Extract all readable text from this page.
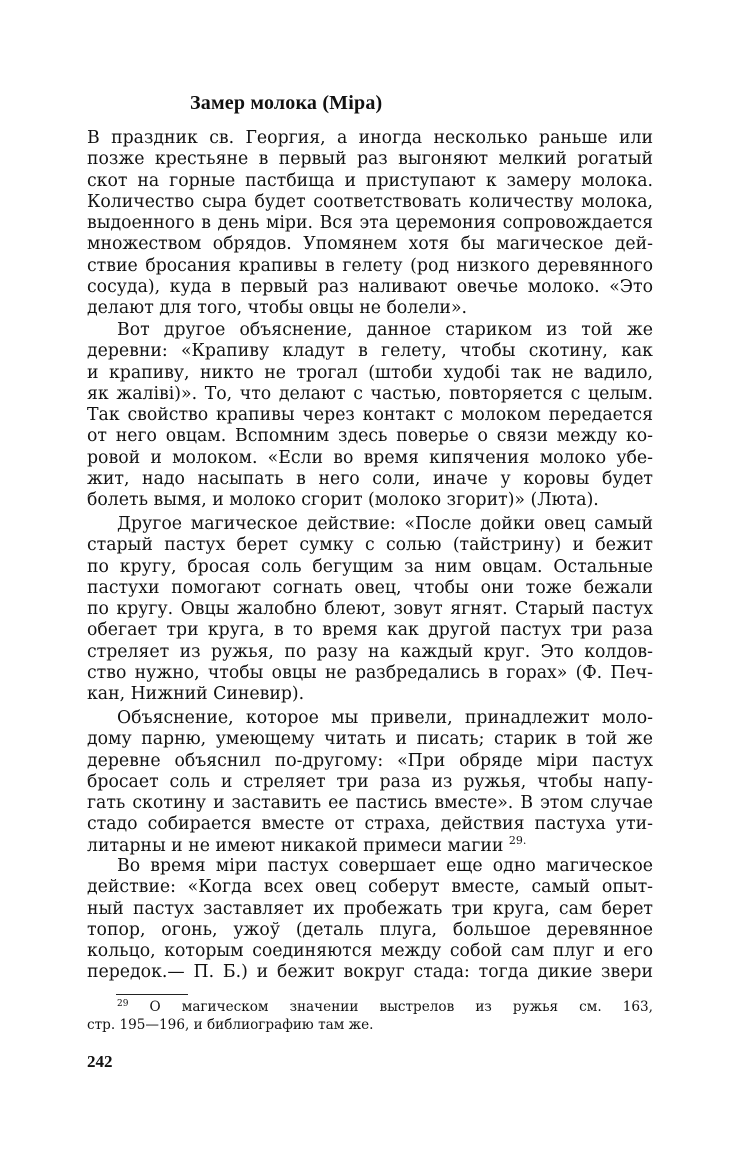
Замер молока (Міра)
В праздник св. Георгия, а иногда несколько раньше или
позже крестьяне в первый раз выгоняют мелкий рогатый
скот на горные пастбища и приступают к замеру молока.
Количество сыра будет соответствовать количеству молока,
выдоенного в день міри. Вся эта церемония сопровождается
множеством обрядов. Упомянем хотя бы магическое дей-
ствие бросания крапивы в гелету (род низкого деревянного
сосуда), куда в первый раз наливают овечье молоко. «Это
делают для того, чтобы овцы не болели».
Вот другое объяснение, данное стариком из той же
деревни: «Крапиву кладут в гелету, чтобы скотину, как
и крапиву, никто не трогал (штоби худобі так не вадило,
як жаліві)». То, что делают с частью, повторяется с целым.
Так свойство крапивы через контакт с молоком передается
от него овцам. Вспомним здесь поверье о связи между ко-
ровой и молоком. «Если во время кипячения молоко убе-
жит, надо насыпать в него соли, иначе у коровы будет
болеть вымя, и молоко сгорит (молоко згорит)» (Люта).
Другое магическое действие: «После дойки овец самый
старый пастух берет сумку с солью (тайстрину) и бежит
по кругу, бросая соль бегущим за ним овцам. Остальные
пастухи помогают согнать овец, чтобы они тоже бежали
по кругу. Овцы жалобно блеют, зовут ягнят. Старый пастух
обегает три круга, в то время как другой пастух три раза
стреляет из ружья, по разу на каждый круг. Это колдов-
ство нужно, чтобы овцы не разбредались в горах» (Ф. Печ-
кан, Нижний Синевир).
Объяснение, которое мы привели, принадлежит моло-
дому парню, умеющему читать и писать; старик в той же
деревне объяснил по-другому: «При обряде міри пастух
бросает соль и стреляет три раза из ружья, чтобы напу-
гать скотину и заставить ее пастись вместе». В этом случае
стадо собирается вместе от страха, действия пастуха ути-
литарны и не имеют никакой примеси магии $^{29.}$
Во время міри пастух совершает еще одно магическое
действие: «Когда всех овец соберут вместе, самый опыт-
ный пастух заставляет их пробежать три круга, сам берет
топор, огонь, ужоў (деталь плуга, большое деревянное
кольцо, которым соединяются между собой сам плуг и его
передок.— П. Б.) и бежит вокруг стада: тогда дикие звери
$^{29}$ О магическом значении выстрелов из ружья см. 163,
стр. 195—196, и библиографию там же.
242
